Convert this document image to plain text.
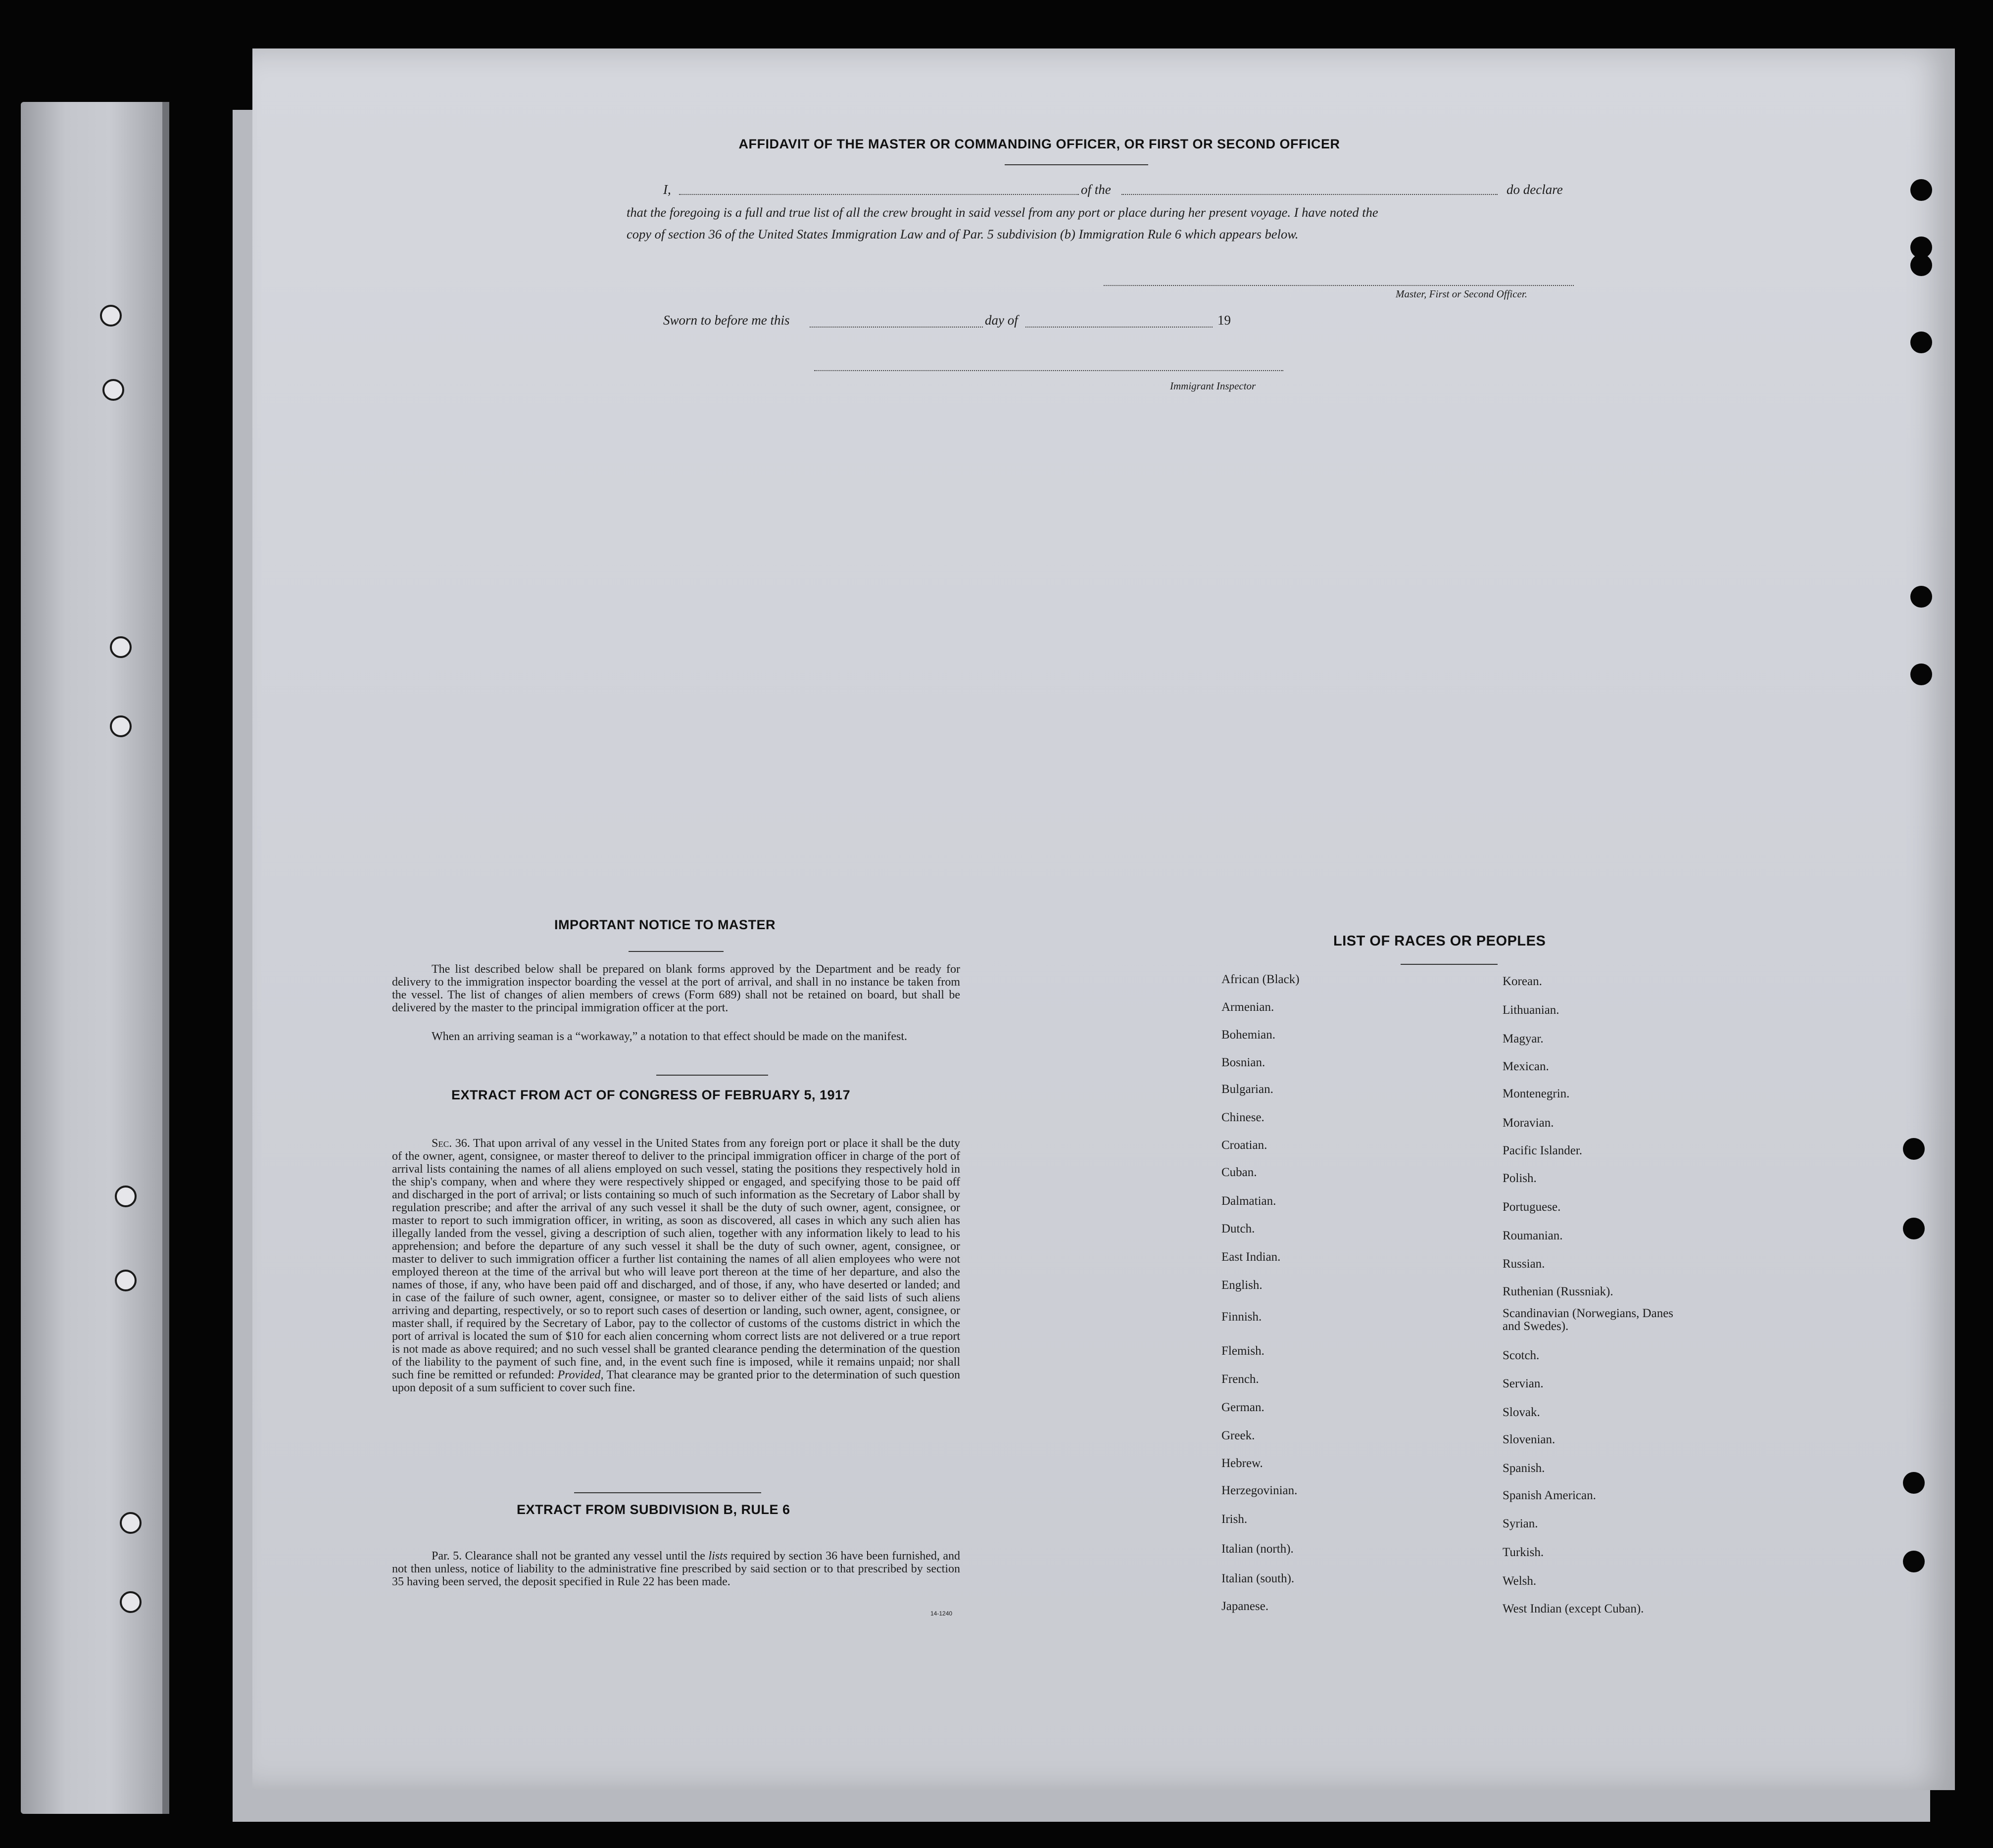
AFFIDAVIT OF THE MASTER OR COMMANDING OFFICER, OR FIRST OR SECOND OFFICER
I,	of the	do declare
that the foregoing is a full and true list of all the crew brought in said vessel from any port or place during her present voyage. I have noted the
copy of section 36 of the United States Immigration Law and of Par. 5 subdivision (b) Immigration Rule 6 which appears below.
Master, First or Second Officer.
Sworn to before me this	day of	19
Immigrant Inspector
IMPORTANT NOTICE TO MASTER
The list described below shall be prepared on blank forms approved by the Department and be ready for delivery to the immigration inspector boarding the vessel at the port of arrival, and shall in no instance be taken from the vessel. The list of changes of alien members of crews (Form 689) shall not be retained on board, but shall be delivered by the master to the principal immigration officer at the port.
When an arriving seaman is a “workaway,” a notation to that effect should be made on the manifest.
EXTRACT FROM ACT OF CONGRESS OF FEBRUARY 5, 1917
Sec. 36. That upon arrival of any vessel in the United States from any foreign port or place it shall be the duty of the owner, agent, consignee, or master thereof to deliver to the principal immigration officer in charge of the port of arrival lists containing the names of all aliens employed on such vessel, stating the positions they respectively hold in the ship's company, when and where they were respectively shipped or engaged, and specifying those to be paid off and discharged in the port of arrival; or lists containing so much of such information as the Secretary of Labor shall by regulation prescribe; and after the arrival of any such vessel it shall be the duty of such owner, agent, consignee, or master to report to such immigration officer, in writing, as soon as discovered, all cases in which any such alien has illegally landed from the vessel, giving a description of such alien, together with any information likely to lead to his apprehension; and before the departure of any such vessel it shall be the duty of such owner, agent, consignee, or master to deliver to such immigration officer a further list containing the names of all alien employees who were not employed thereon at the time of the arrival but who will leave port thereon at the time of her departure, and also the names of those, if any, who have been paid off and discharged, and of those, if any, who have deserted or landed; and in case of the failure of such owner, agent, consignee, or master so to deliver either of the said lists of such aliens arriving and departing, respectively, or so to report such cases of desertion or landing, such owner, agent, consignee, or master shall, if required by the Secretary of Labor, pay to the collector of customs of the customs district in which the port of arrival is located the sum of $10 for each alien concerning whom correct lists are not delivered or a true report is not made as above required; and no such vessel shall be granted clearance pending the determination of the question of the liability to the payment of such fine, and, in the event such fine is imposed, while it remains unpaid; nor shall such fine be remitted or refunded: Provided, That clearance may be granted prior to the determination of such question upon deposit of a sum sufficient to cover such fine.
EXTRACT FROM SUBDIVISION B, RULE 6
Par. 5. Clearance shall not be granted any vessel until the lists required by section 36 have been furnished, and not then unless, notice of liability to the administrative fine prescribed by said section or to that prescribed by section 35 having been served, the deposit specified in Rule 22 has been made.
14-1240
LIST OF RACES OR PEOPLES
African (Black)
Armenian.
Bohemian.
Bosnian.
Bulgarian.
Chinese.
Croatian.
Cuban.
Dalmatian.
Dutch.
East Indian.
English.
Finnish.
Flemish.
French.
German.
Greek.
Hebrew.
Herzegovinian.
Irish.
Italian (north).
Italian (south).
Japanese.
Korean.
Lithuanian.
Magyar.
Mexican.
Montenegrin.
Moravian.
Pacific Islander.
Polish.
Portuguese.
Roumanian.
Russian.
Ruthenian (Russniak).
Scandinavian (Norwegians, Danes and Swedes).
Scotch.
Servian.
Slovak.
Slovenian.
Spanish.
Spanish American.
Syrian.
Turkish.
Welsh.
West Indian (except Cuban).
